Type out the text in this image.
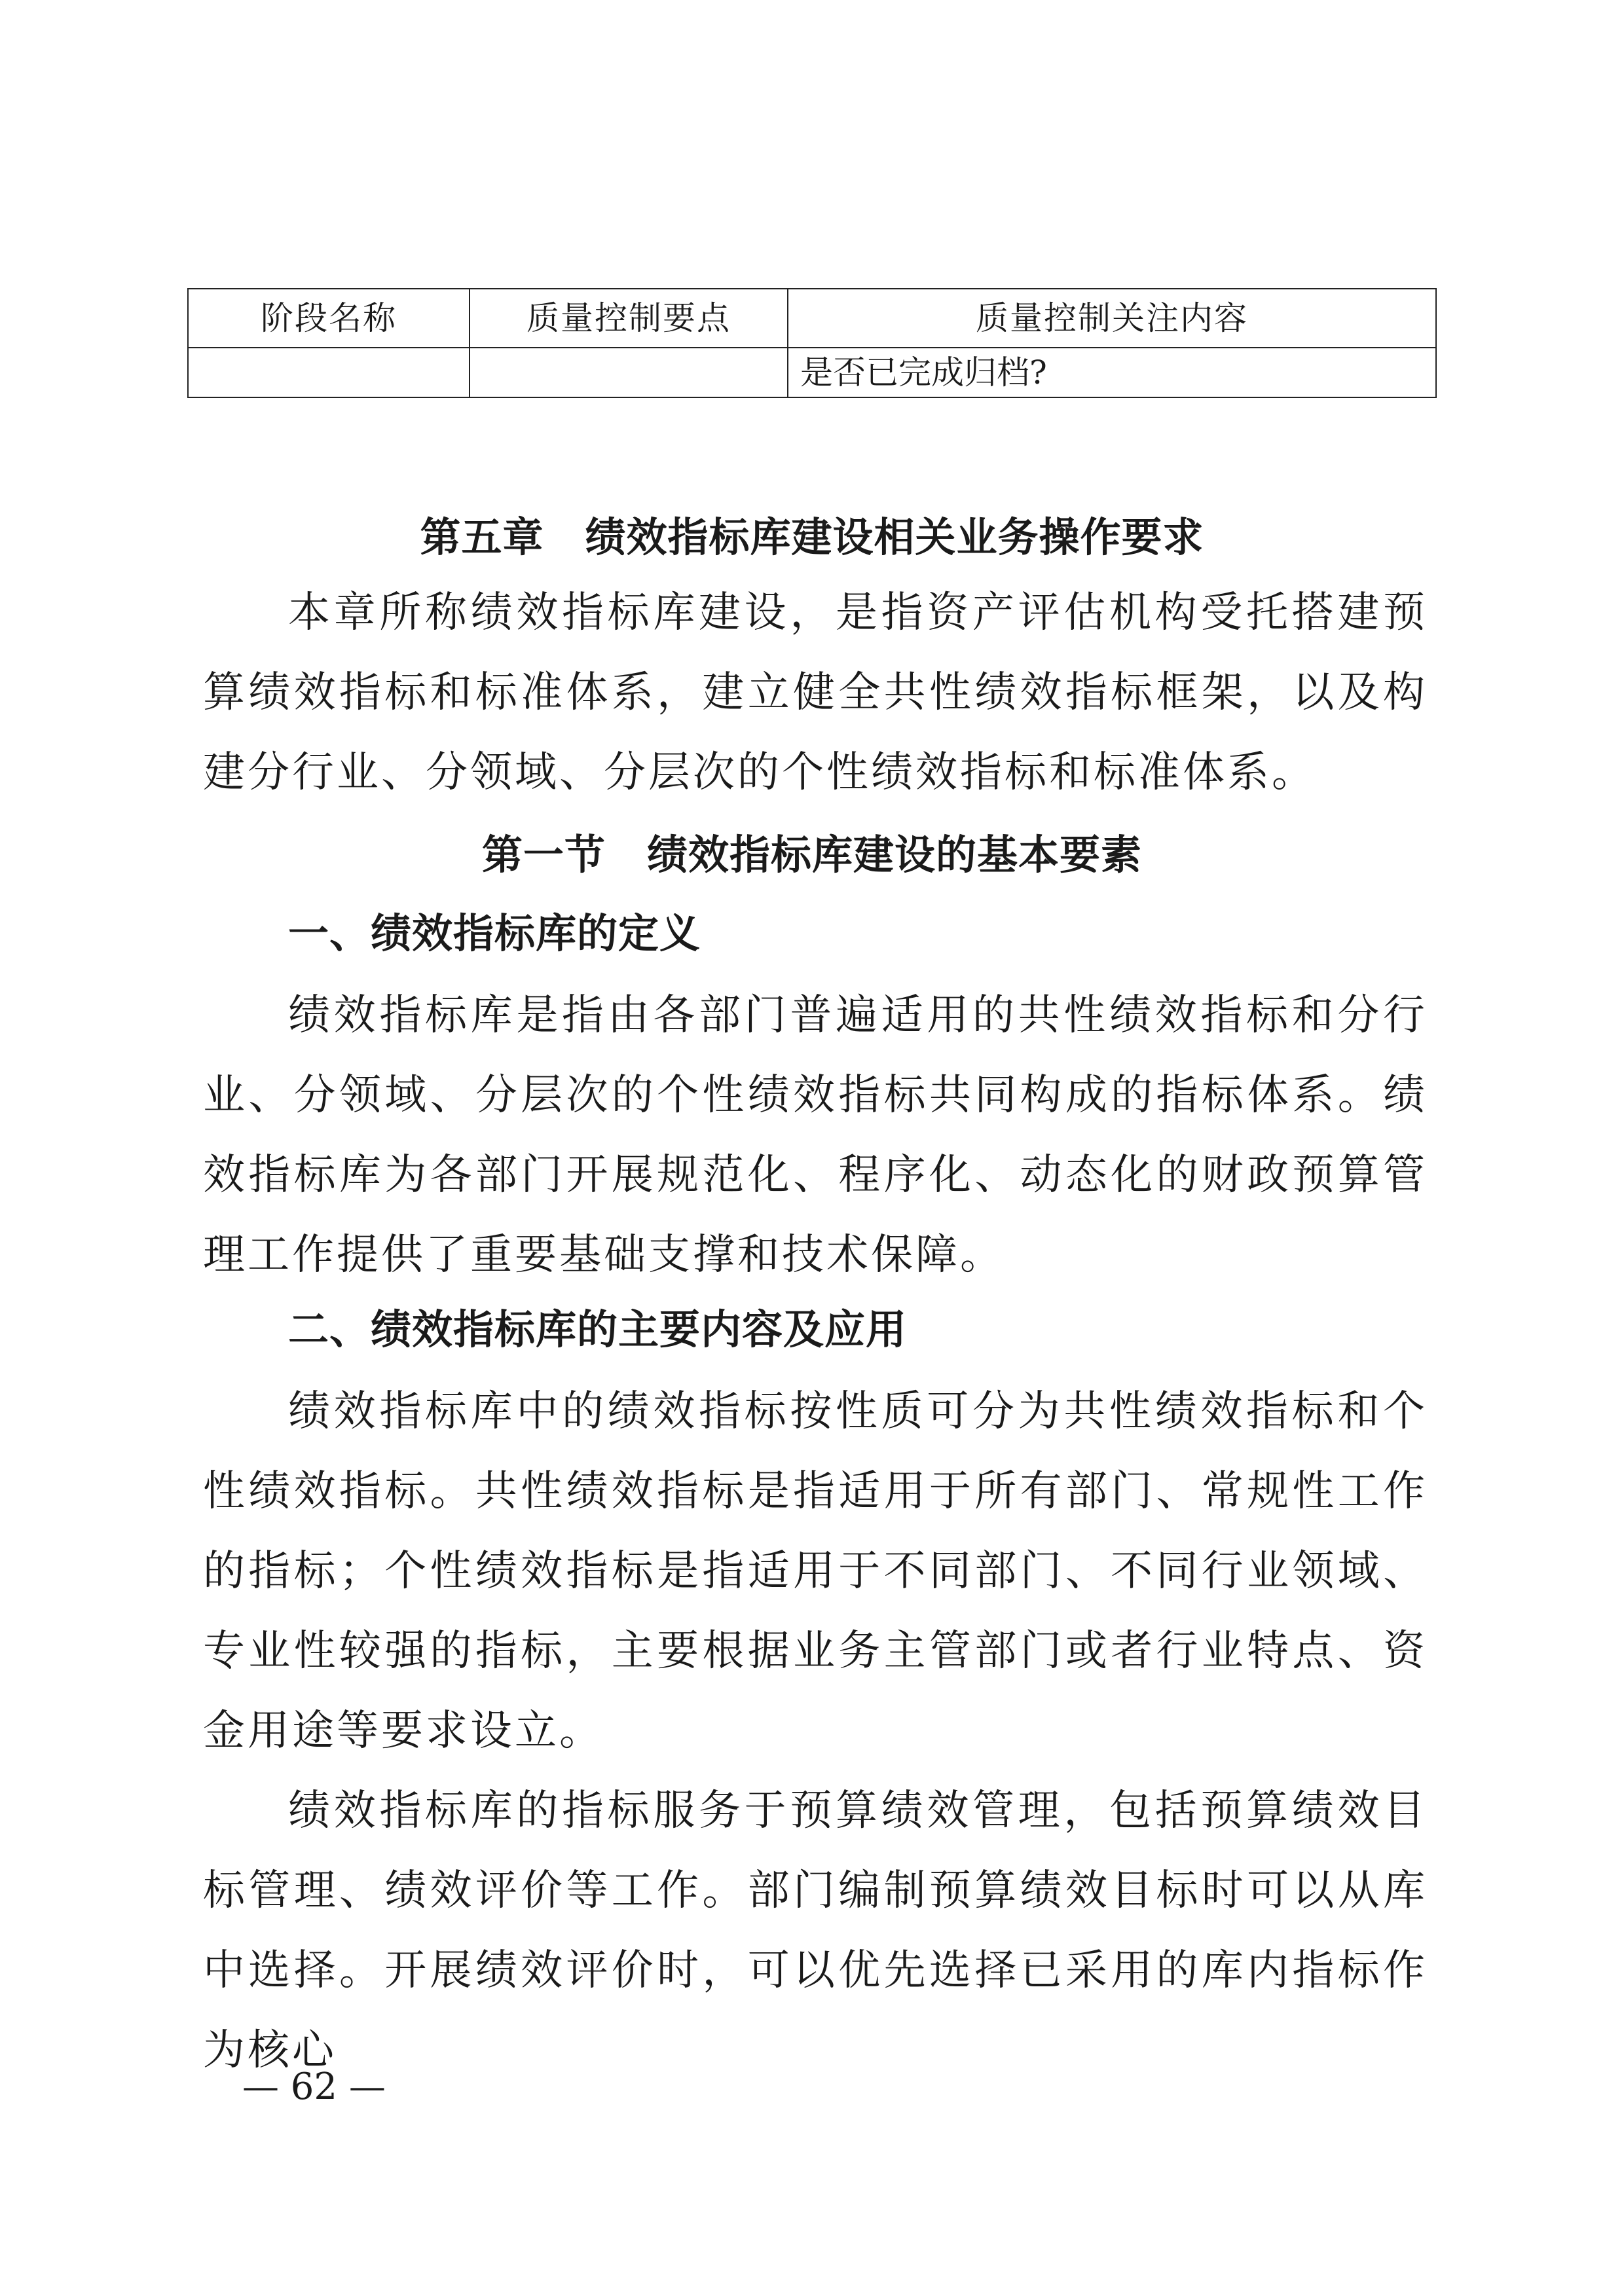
阶段名称	质量控制要点	质量控制关注内容
		是否已完成归档?
第五章　绩效指标库建设相关业务操作要求

本章所称绩效指标库建设，是指资产评估机构受托搭建预算绩效指标和标准体系，建立健全共性绩效指标框架，以及构建分行业、分领域、分层次的个性绩效指标和标准体系。

第一节　绩效指标库建设的基本要素
一、绩效指标库的定义

绩效指标库是指由各部门普遍适用的共性绩效指标和分行业、分领域、分层次的个性绩效指标共同构成的指标体系。绩效指标库为各部门开展规范化、程序化、动态化的财政预算管理工作提供了重要基础支撑和技术保障。

二、绩效指标库的主要内容及应用

绩效指标库中的绩效指标按性质可分为共性绩效指标和个性绩效指标。共性绩效指标是指适用于所有部门、常规性工作的指标；个性绩效指标是指适用于不同部门、不同行业领域、专业性较强的指标，主要根据业务主管部门或者行业特点、资金用途等要求设立。

绩效指标库的指标服务于预算绩效管理，包括预算绩效目标管理、绩效评价等工作。部门编制预算绩效目标时可以从库中选择。开展绩效评价时，可以优先选择已采用的库内指标作为核心

— 62 —
